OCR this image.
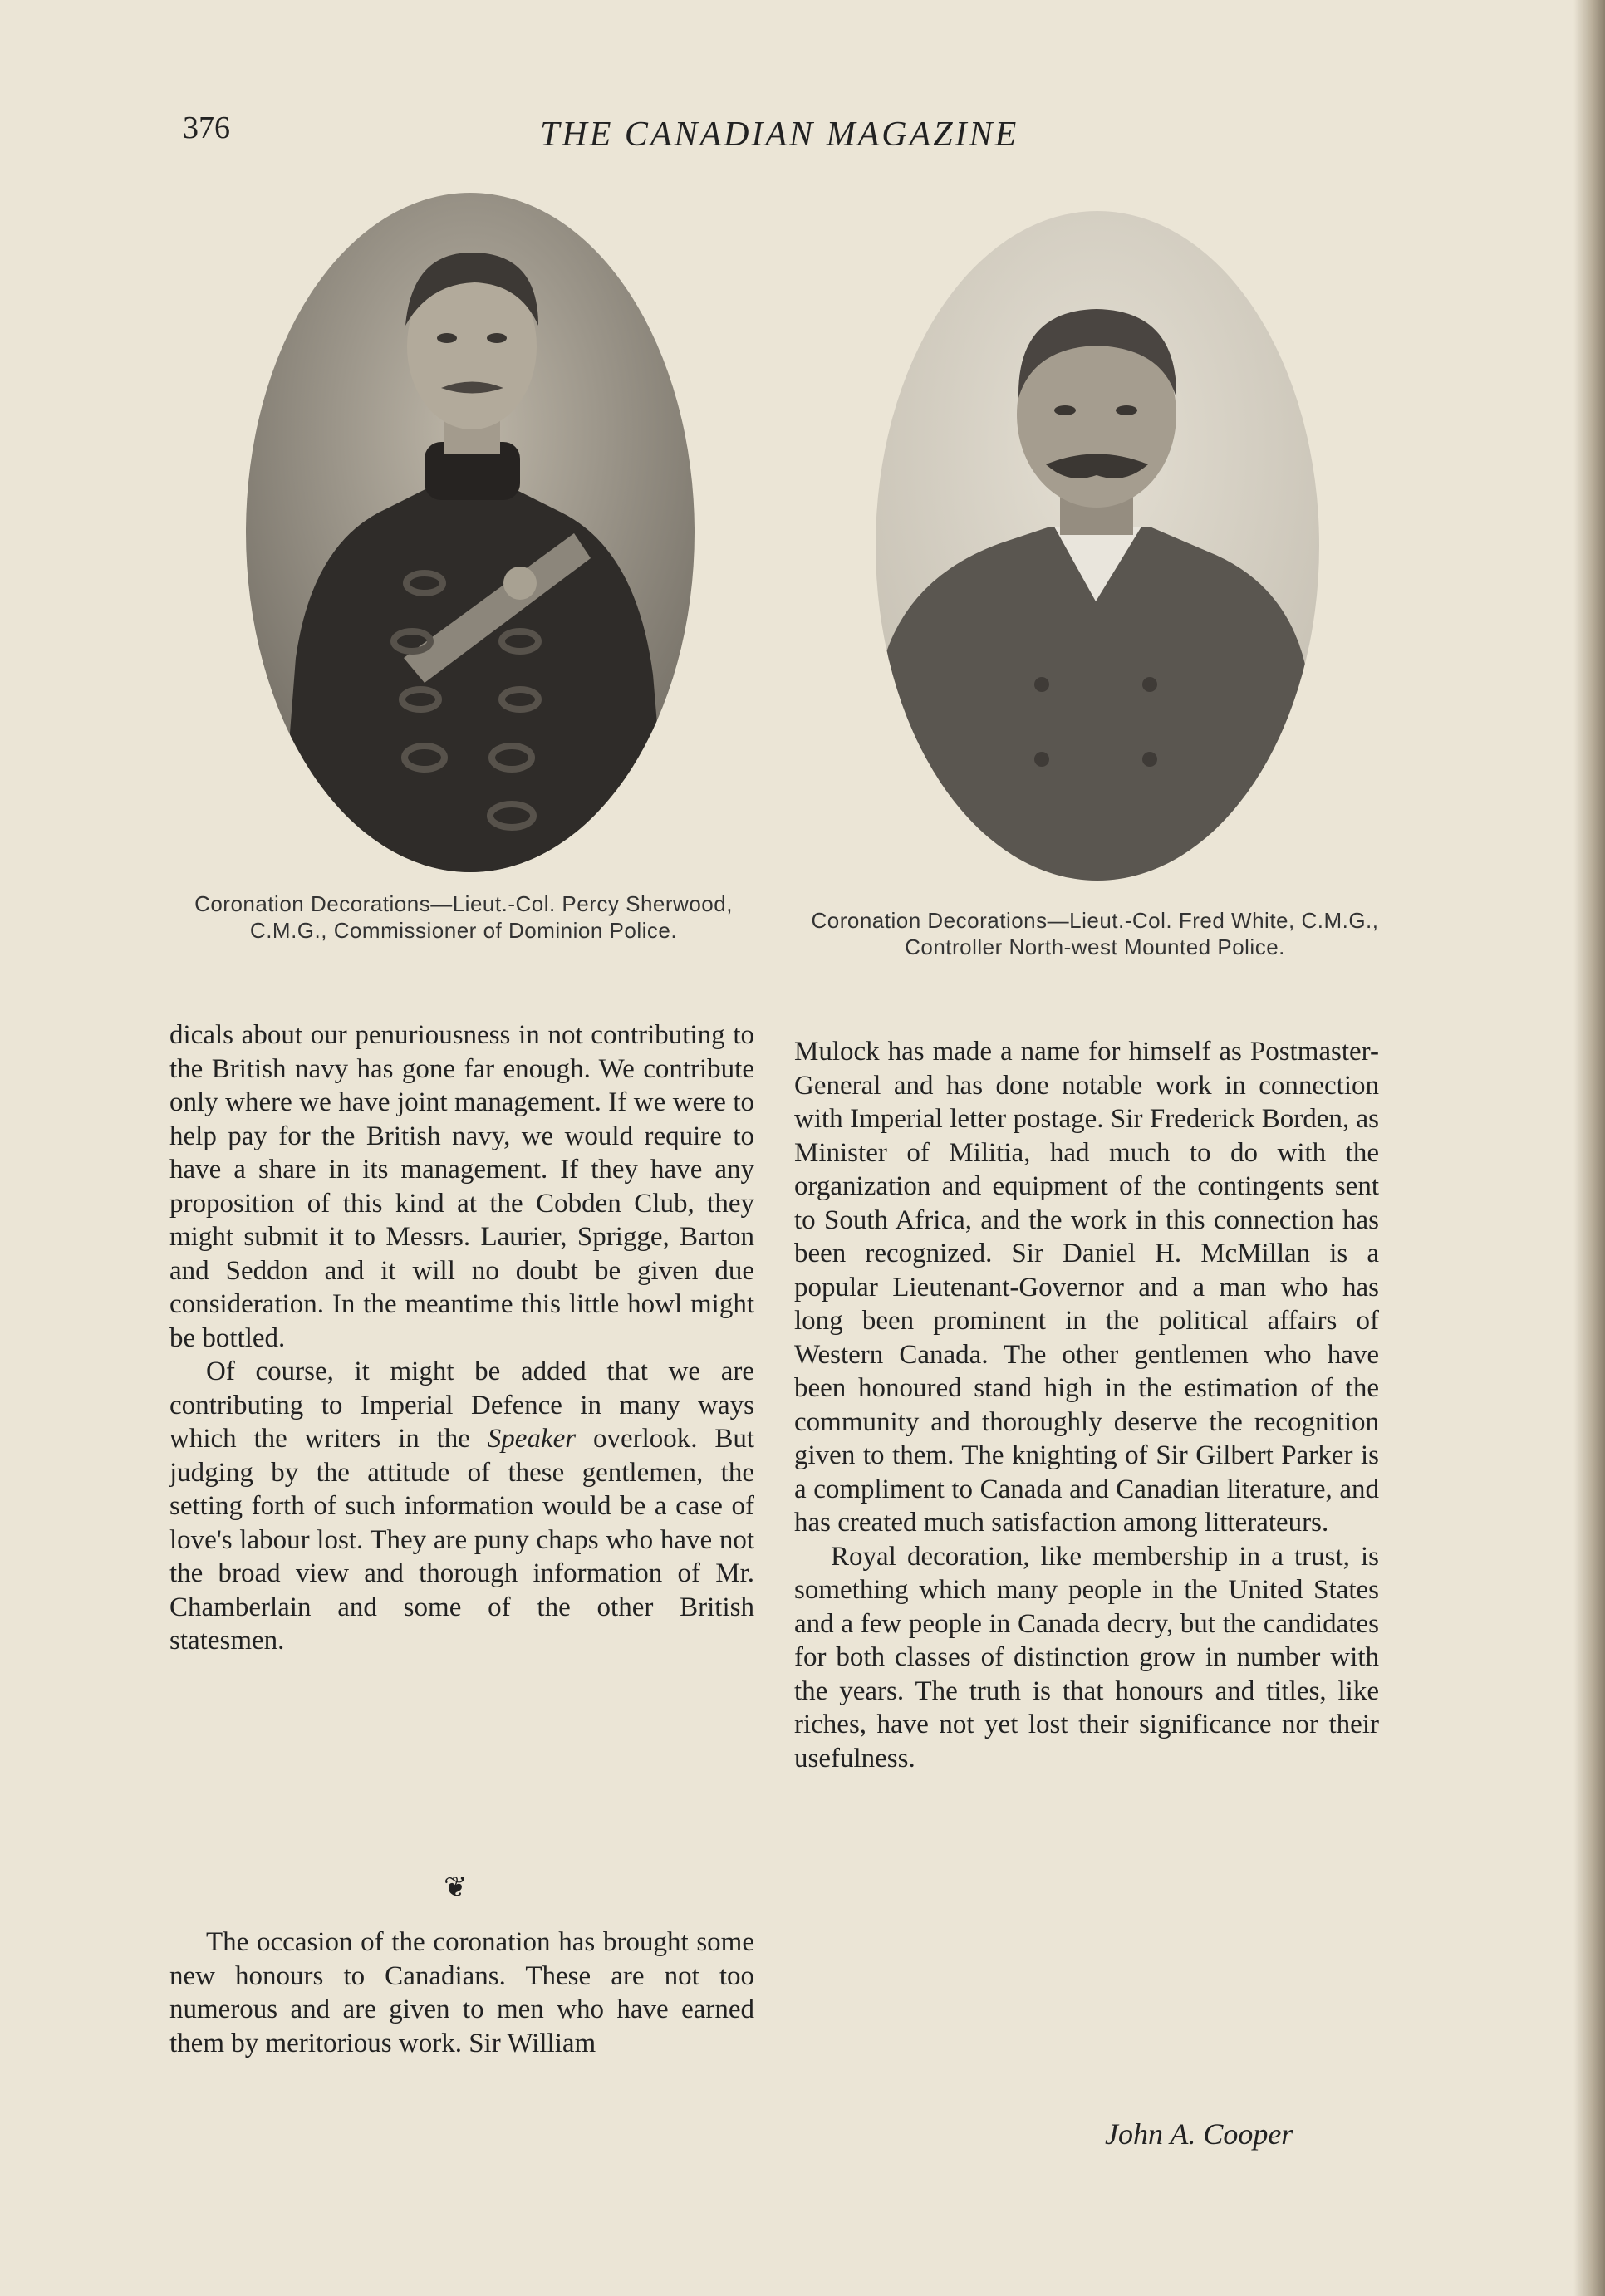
376	THE CANADIAN MAGAZINE
Coronation Decorations—Lieut.-Col. Percy Sherwood, C.M.G., Commissioner of Dominion Police.	Coronation Decorations—Lieut.-Col. Fred White, C.M.G., Controller North-west Mounted Police.

dicals about our penuriousness in not contributing to the British navy has gone far enough. We contribute only where we have joint management. If we were to help pay for the British navy, we would require to have a share in its management. If they have any proposition of this kind at the Cobden Club, they might submit it to Messrs. Laurier, Sprigge, Barton and Seddon and it will no doubt be given due consideration. In the meantime this little howl might be bottled.

Of course, it might be added that we are contributing to Imperial Defence in many ways which the writers in the Speaker overlook. But judging by the attitude of these gentlemen, the setting forth of such information would be a case of love's labour lost. They are puny chaps who have not the broad view and thorough information of Mr. Chamberlain and some of the other British statesmen.

❦
The occasion of the coronation has brought some new honours to Canadians. These are not too numerous and are given to men who have earned them by meritorious work. Sir William

Mulock has made a name for himself as Postmaster-General and has done notable work in connection with Imperial letter postage. Sir Frederick Borden, as Minister of Militia, had much to do with the organization and equipment of the contingents sent to South Africa, and the work in this connection has been recognized. Sir Daniel H. McMillan is a popular Lieutenant-Governor and a man who has long been prominent in the political affairs of Western Canada. The other gentlemen who have been honoured stand high in the estimation of the community and thoroughly deserve the recognition given to them. The knighting of Sir Gilbert Parker is a compliment to Canada and Canadian literature, and has created much satisfaction among litterateurs.

Royal decoration, like membership in a trust, is something which many people in the United States and a few people in Canada decry, but the candidates for both classes of distinction grow in number with the years. The truth is that honours and titles, like riches, have not yet lost their significance nor their usefulness.

John A. Cooper
